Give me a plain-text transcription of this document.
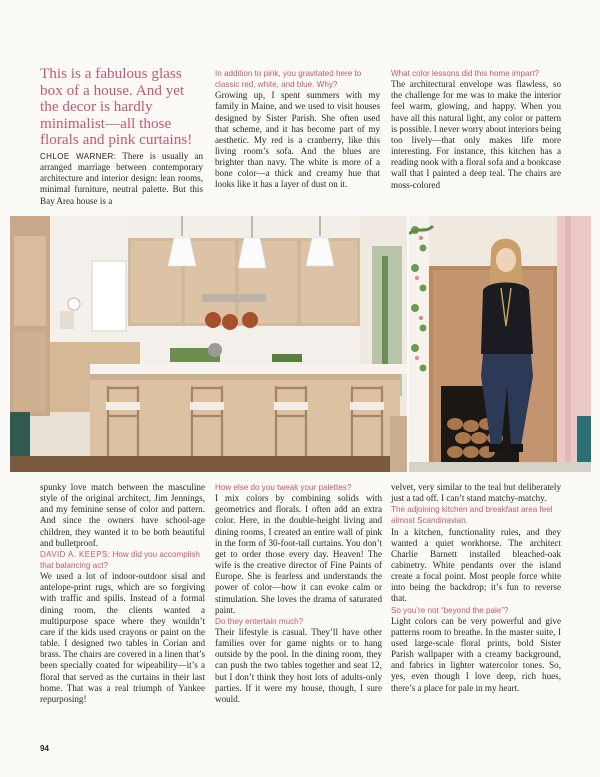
This is a fabulous glass box of a house. And yet the decor is hardly minimalist—all those florals and pink curtains!

CHLOE WARNER: There is usually an arranged marriage between contemporary architecture and interior design: lean rooms, minimal furniture, neutral palette. But this Bay Area house is a

In addition to pink, you gravitated here to classic red, white, and blue. Why?

Growing up, I spent summers with my family in Maine, and we used to visit houses designed by Sister Parish. She often used that scheme, and it has become part of my aesthetic. My red is a cranberry, like this living room’s sofa. And the blues are brighter than navy. The white is more of a bone color—a thick and creamy hue that looks like it has a layer of dust on it.

What color lessons did this home impart?

The architectural envelope was flawless, so the challenge for me was to make the interior feel warm, glowing, and happy. When you have all this natural light, any color or pattern is possible. I never worry about interiors being too lively—that only makes life more interesting. For instance, this kitchen has a reading nook with a floral sofa and a bookcase wall that I painted a deep teal. The chairs are moss-colored

spunky love match between the masculine style of the original architect, Jim Jennings, and my feminine sense of color and pattern. And since the owners have school-age children, they wanted it to be both beautiful and bulletproof.

DAVID A. KEEPS: How did you accomplish that balancing act?

We used a lot of indoor-outdoor sisal and antelope-print rugs, which are so forgiving with traffic and spills. Instead of a formal dining room, the clients wanted a multipurpose space where they wouldn’t care if the kids used crayons or paint on the table. I designed two tables in Corian and brass. The chairs are covered in a linen that’s been specially coated for wipeability—it’s a floral that served as the curtains in their last home. That was a real triumph of Yankee repurposing!

How else do you tweak your palettes?

I mix colors by combining solids with geometrics and florals. I often add an extra color. Here, in the double-height living and dining rooms, I created an entire wall of pink in the form of 30-foot-tall curtains. You don’t get to order those every day. Heaven! The wife is the creative director of Fine Paints of Europe. She is fearless and understands the power of color—how it can evoke calm or stimulation. She loves the drama of saturated paint.

Do they entertain much?

Their lifestyle is casual. They’ll have other families over for game nights or to hang outside by the pool. In the dining room, they can push the two tables together and seat 12, but I don’t think they host lots of adults-only parties. If it were my house, though, I sure would.

velvet, very similar to the teal but deliberately just a tad off. I can’t stand matchy-matchy.

The adjoining kitchen and breakfast area feel almost Scandinavian.

In a kitchen, functionality rules, and they wanted a quiet workhorse. The architect Charlie Barnett installed bleached-oak cabinetry. White pendants over the island create a focal point. Most people force white into being the backdrop; it’s fun to reverse that.

So you’re not “beyond the pale”?

Light colors can be very powerful and give patterns room to breathe. In the master suite, I used large-scale floral prints, bold Sister Parish wallpaper with a creamy background, and fabrics in lighter watercolor tones. So, yes, even though I love deep, rich hues, there’s a place for pale in my heart.

94
